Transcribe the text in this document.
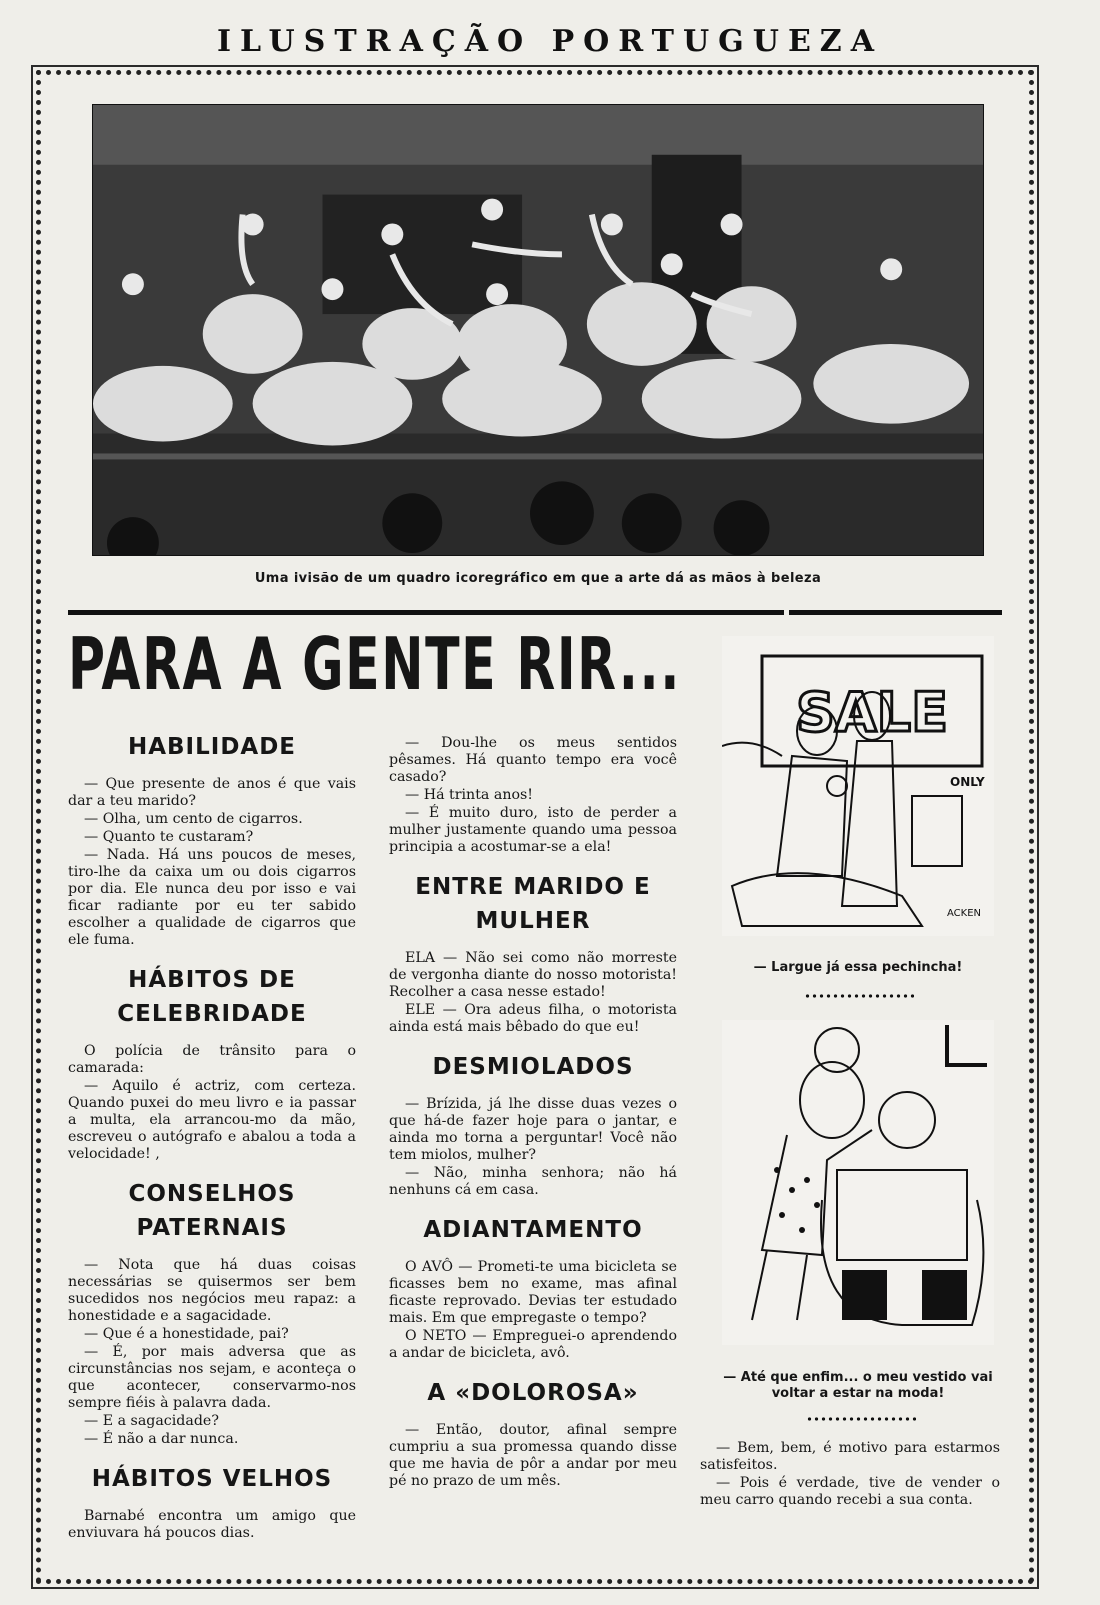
ILUSTRAÇÃO PORTUGUEZA
Uma ivisão de um quadro icoregráfico em que a arte dá as mãos à beleza
PARA A GENTE RIR...
HABILIDADE

— Que presente de anos é que vais dar a teu marido?

— Olha, um cento de cigarros.

— Quanto te custaram?

— Nada. Há uns poucos de meses, tiro-lhe da caixa um ou dois cigarros por dia. Ele nunca deu por isso e vai ficar radiante por eu ter sabido escolher a qualidade de cigarros que ele fuma.

HÁBITOS DE CELEBRIDADE

O polícia de trânsito para o camarada:

— Aquilo é actriz, com certeza. Quando puxei do meu livro e ia passar a multa, ela arrancou-mo da mão, escreveu o autógrafo e abalou a toda a velocidade! ,

CONSELHOS PATERNAIS

— Nota que há duas coisas necessárias se quisermos ser bem sucedidos nos negócios meu rapaz: a honestidade e a sagacidade.

— Que é a honestidade, pai?

— É, por mais adversa que as circunstâncias nos sejam, e aconteça o que acontecer, conservarmo-nos sempre fiéis à palavra dada.

— E a sagacidade?

— É não a dar nunca.

HÁBITOS VELHOS

Barnabé encontra um amigo que enviuvara há poucos dias.

— Dou-lhe os meus sentidos pêsames. Há quanto tempo era você casado?

— Há trinta anos!

— É muito duro, isto de perder a mulher justamente quando uma pessoa principia a acostumar-se a ela!

ENTRE MARIDO E MULHER

ELA — Não sei como não morreste de vergonha diante do nosso motorista! Recolher a casa nesse estado!

ELE — Ora adeus filha, o motorista ainda está mais bêbado do que eu!

DESMIOLADOS

— Brízida, já lhe disse duas vezes o que há-de fazer hoje para o jantar, e ainda mo torna a perguntar! Você não tem miolos, mulher?

— Não, minha senhora; não há nenhuns cá em casa.

ADIANTAMENTO

O AVÔ — Prometi-te uma bicicleta se ficasses bem no exame, mas afinal ficaste reprovado. Devias ter estudado mais. Em que empregaste o tempo?

O NETO — Empreguei-o aprendendo a andar de bicicleta, avô.

A «DOLOROSA»

— Então, doutor, afinal sempre cumpriu a sua promessa quando disse que me havia de pôr a andar por meu pé no prazo de um mês.

SALE
ONLY
ACKEN
— Largue já essa pechincha!
— Até que enfim... o meu vestido vai voltar a estar na moda!

— Bem, bem, é motivo para estarmos satisfeitos.

— Pois é verdade, tive de vender o meu carro quando recebi a sua conta.
